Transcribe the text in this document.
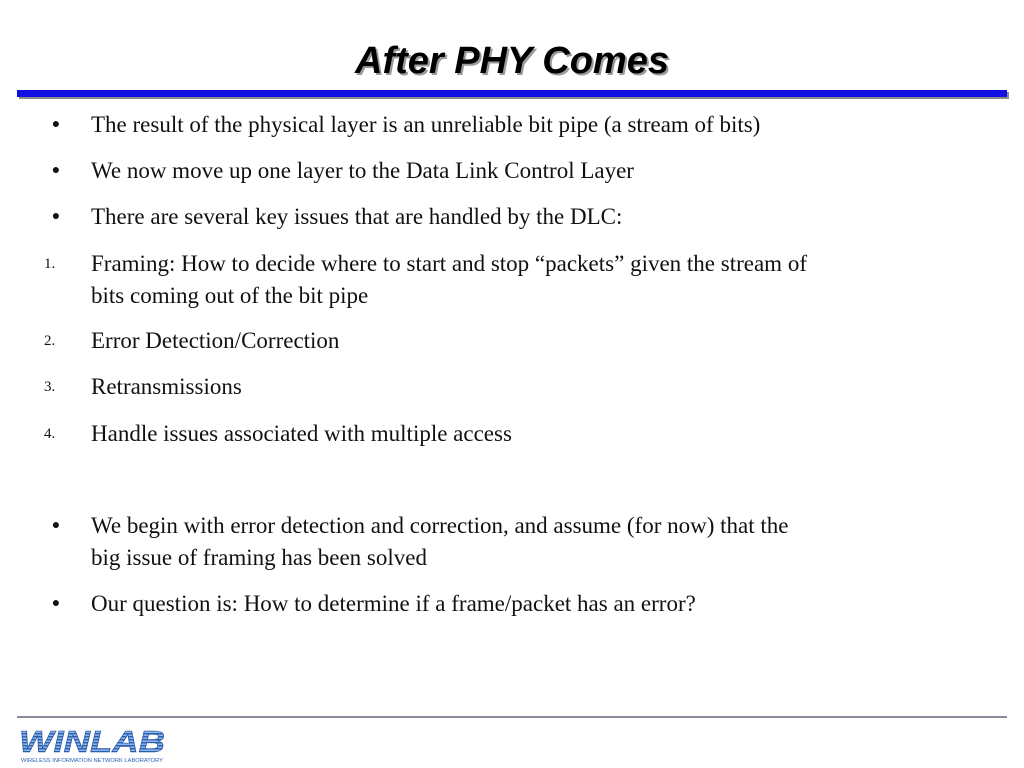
After PHY Comes
●	The result of the physical layer is an unreliable bit pipe (a stream of bits)
●	We now move up one layer to the Data Link Control Layer
●	There are several key issues that are handled by the DLC:
1.	Framing: How to decide where to start and stop “packets” given the stream of
bits coming out of the bit pipe
2.	Error Detection/Correction
3.	Retransmissions
4.	Handle issues associated with multiple access
●	We begin with error detection and correction, and assume (for now) that the
big issue of framing has been solved
●	Our question is: How to determine if a frame/packet has an error?
WINLAB
WIRELESS INFORMATION NETWORK LABORATORY
